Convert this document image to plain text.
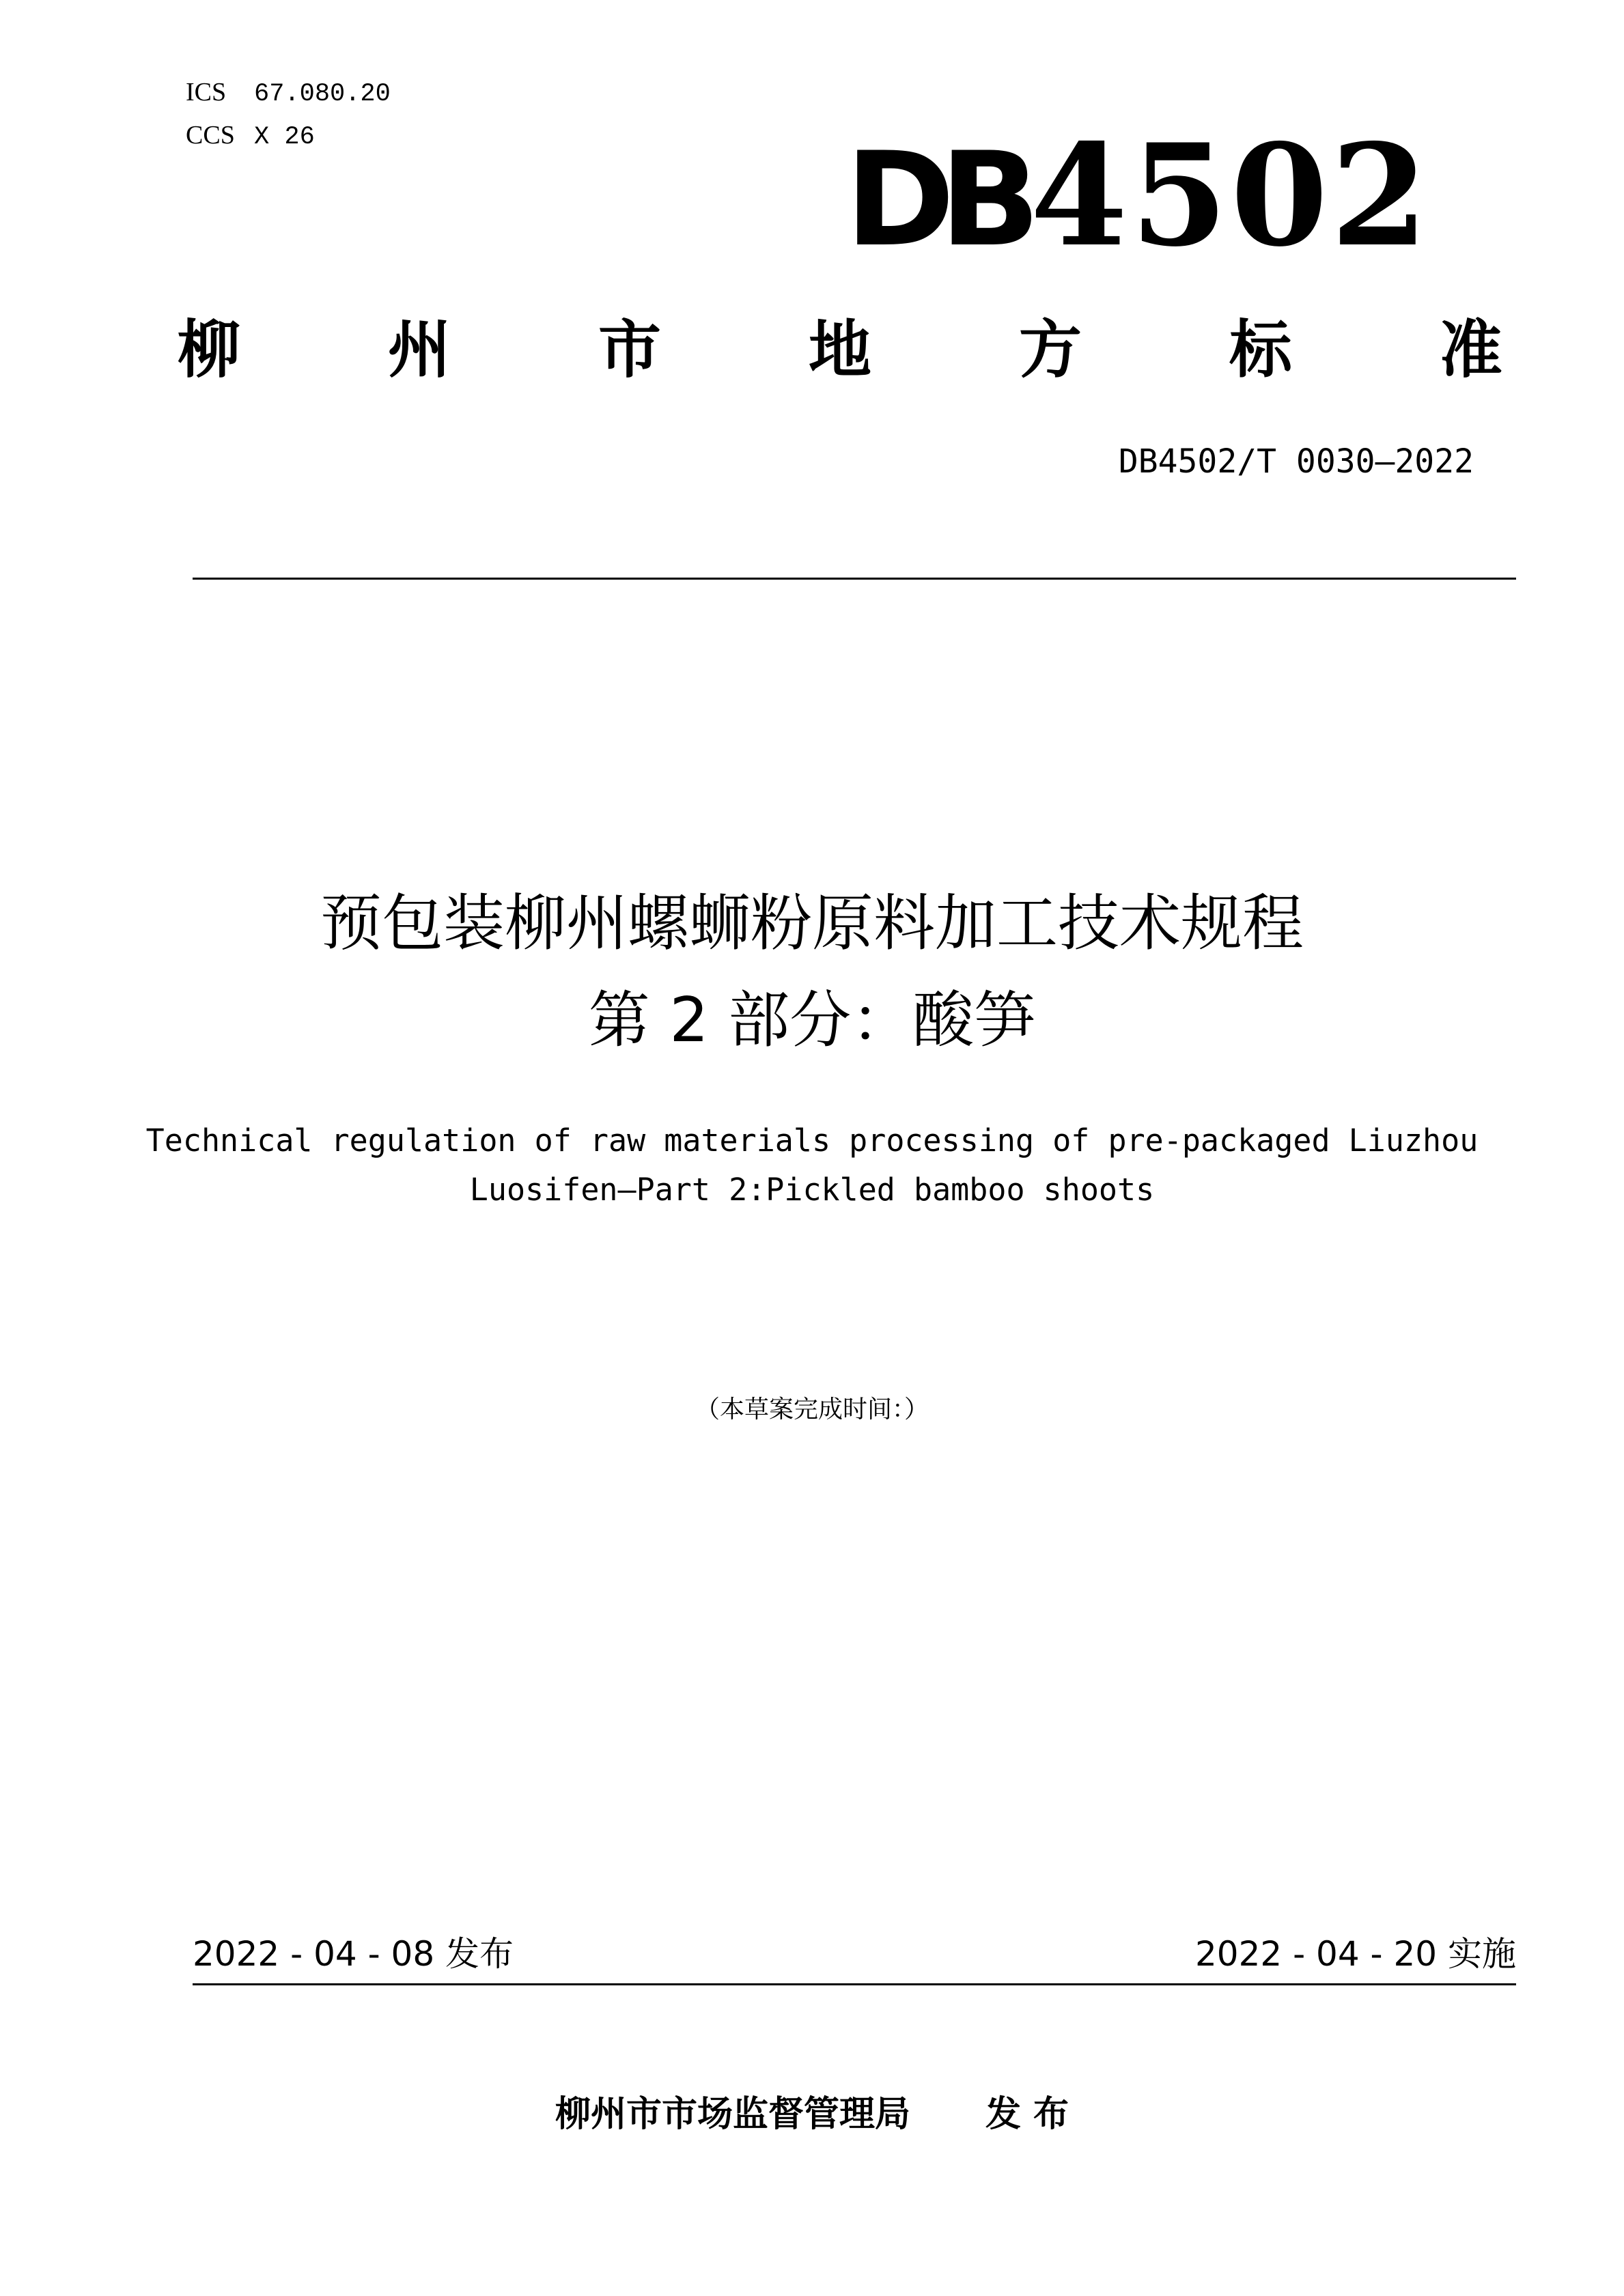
ICS 67.080.20
CCS X 26	DB4502
柳 州 市 地 方 标 准
DB4502/T 0030—2022
预包装柳州螺蛳粉原料加工技术规程
第 2 部分：酸笋
Technical regulation of raw materials processing of pre-packaged Liuzhou
Luosifen—Part 2:Pickled bamboo shoots
（本草案完成时间：）
2022 - 04 - 08 发布	2022 - 04 - 20 实施
柳州市市场监督管理局 发 布
